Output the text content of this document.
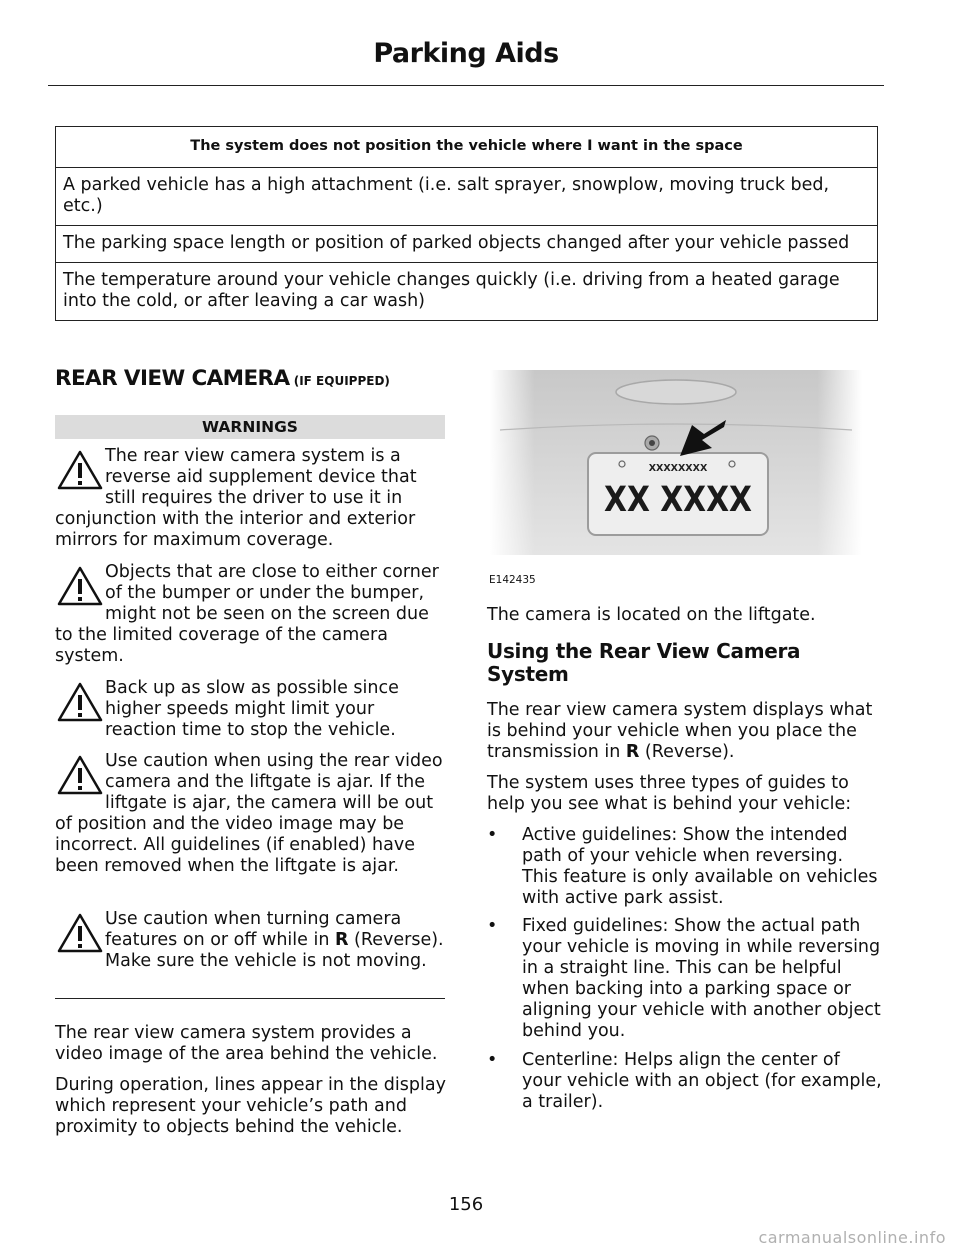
Parking Aids
The system does not position the vehicle where I want in the space
A parked vehicle has a high attachment (i.e. salt sprayer, snowplow, moving truck bed, etc.)
The parking space length or position of parked objects changed after your vehicle passed
The temperature around your vehicle changes quickly (i.e. driving from a heated garage into the cold, or after leaving a car wash)
REAR VIEW CAMERA (IF EQUIPPED)
WARNINGS
The rear view camera system is a reverse aid supplement device that still requires the driver to use it in conjunction with the interior and exterior mirrors for maximum coverage.
Objects that are close to either corner of the bumper or under the bumper, might not be seen on the screen due to the limited coverage of the camera system.
Back up as slow as possible since higher speeds might limit your reaction time to stop the vehicle.
Use caution when using the rear video camera and the liftgate is ajar. If the liftgate is ajar, the camera will be out of position and the video image may be incorrect. All guidelines (if enabled) have been removed when the liftgate is ajar.
Use caution when turning camera features on or off while in R (Reverse). Make sure the vehicle is not moving.
The rear view camera system provides a video image of the area behind the vehicle.
During operation, lines appear in the display which represent your vehicle’s path and proximity to objects behind the vehicle.
XXXXXXXX
XX XXXX
E142435
The camera is located on the liftgate.
Using the Rear View Camera System
The rear view camera system displays what is behind your vehicle when you place the transmission in R (Reverse).
The system uses three types of guides to help you see what is behind your vehicle:
• Active guidelines: Show the intended path of your vehicle when reversing. This feature is only available on vehicles with active park assist.
• Fixed guidelines: Show the actual path your vehicle is moving in while reversing in a straight line. This can be helpful when backing into a parking space or aligning your vehicle with another object behind you.
• Centerline: Helps align the center of your vehicle with an object (for example, a trailer).
156
carmanualsonline.info
